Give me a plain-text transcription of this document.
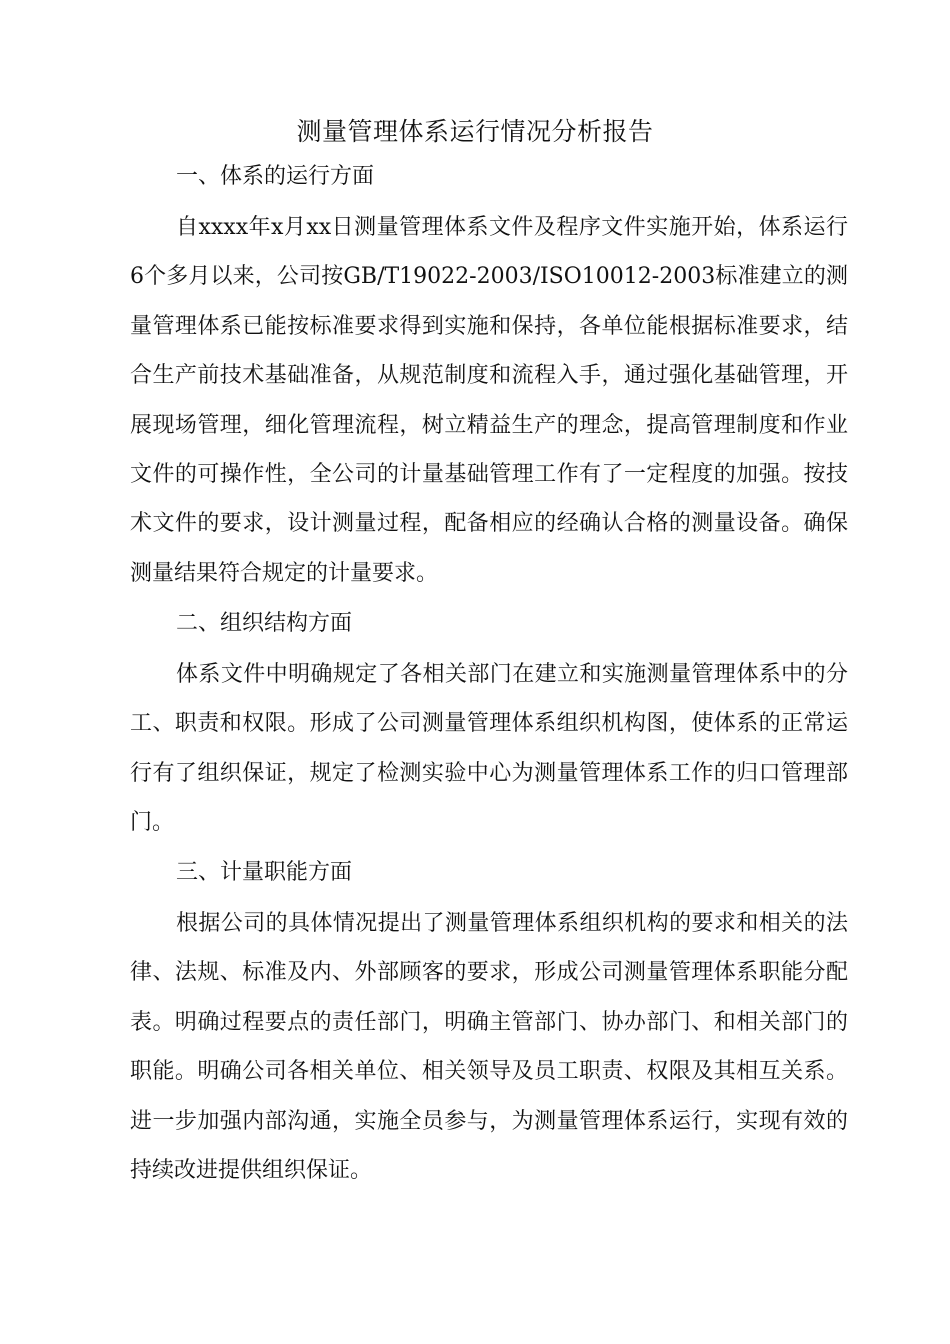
测量管理体系运行情况分析报告
一、体系的运行方面
自xxxx年x月xx日测量管理体系文件及程序文件实施开始，体系运行6个多月以来，公司按GB/T19022-2003/ISO10012-2003标准建立的测量管理体系已能按标准要求得到实施和保持，各单位能根据标准要求，结合生产前技术基础准备，从规范制度和流程入手，通过强化基础管理，开展现场管理，细化管理流程，树立精益生产的理念，提高管理制度和作业文件的可操作性，全公司的计量基础管理工作有了一定程度的加强。按技术文件的要求，设计测量过程，配备相应的经确认合格的测量设备。确保测量结果符合规定的计量要求。
二、组织结构方面
体系文件中明确规定了各相关部门在建立和实施测量管理体系中的分工、职责和权限。形成了公司测量管理体系组织机构图，使体系的正常运行有了组织保证，规定了检测实验中心为测量管理体系工作的归口管理部门。
三、计量职能方面
根据公司的具体情况提出了测量管理体系组织机构的要求和相关的法律、法规、标准及内、外部顾客的要求，形成公司测量管理体系职能分配表。明确过程要点的责任部门，明确主管部门、协办部门、和相关部门的职能。明确公司各相关单位、相关领导及员工职责、权限及其相互关系。进一步加强内部沟通，实施全员参与，为测量管理体系运行，实现有效的持续改进提供组织保证。
